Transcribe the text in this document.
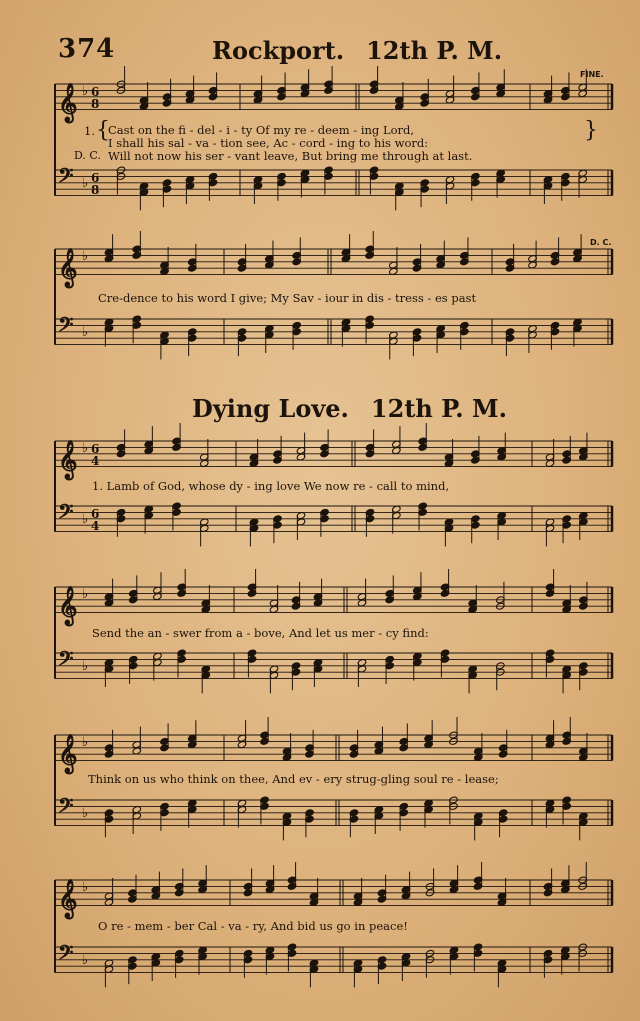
374	Rockport. 12th P. M.
FINE.
D. C.
1. {	}
Cast on the fi - del - i - ty Of my re - deem - ing Lord,
I shall his sal - va - tion see, Ac - cord - ing to his word:
D. C. Will not now his ser - vant leave, But bring me through at last.
Cre-dence to his word I give; My Sav - iour in dis - tress - es past
Dying Love. 12th P. M.
1. Lamb of God, whose dy - ing love We now re - call to mind,
Send the an - swer from a - bove, And let us mer - cy find:
Think on us who think on thee, And ev - ery strug-gling soul re - lease;
O re - mem - ber Cal - va - ry, And bid us go in peace!
𝄞 ♭ 6
8
𝄢 ♭ 6
8
𝄞 ♭
𝄢 ♭
𝄞 ♭ 6
4
𝄢 ♭ 6
4
𝄞 ♭
𝄢 ♭
𝄞 ♭
𝄢 ♭
𝄞 ♭
𝄢 ♭
